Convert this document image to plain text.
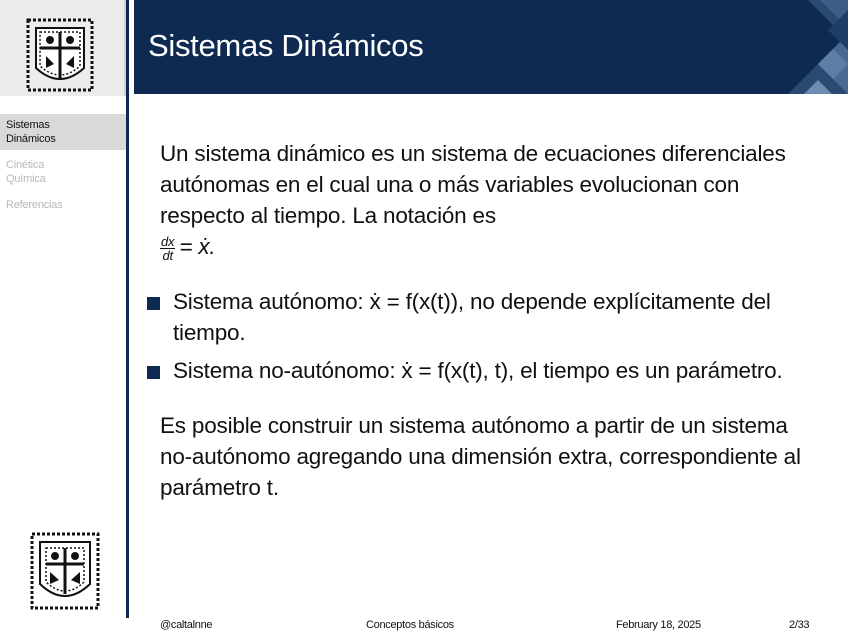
Sistemas
Dinámicos
Cinética
Química
Referencias
Sistemas Dinámicos

Un sistema dinámico es un sistema de ecuaciones diferenciales autónomas en el cual una o más variables evolucionan con respecto al tiempo. La notación es

$\frac{dx}{dt}$ = ẋ.

Sistema autónomo: ẋ = f(x(t)), no depende explícitamente del tiempo.
Sistema no-autónomo: ẋ = f(x(t), t), el tiempo es un parámetro.

Es posible construir un sistema autónomo a partir de un sistema no-autónomo agregando una dimensión extra, correspondiente al parámetro t.

@caltalnne	Conceptos básicos	February 18, 2025	2/33
